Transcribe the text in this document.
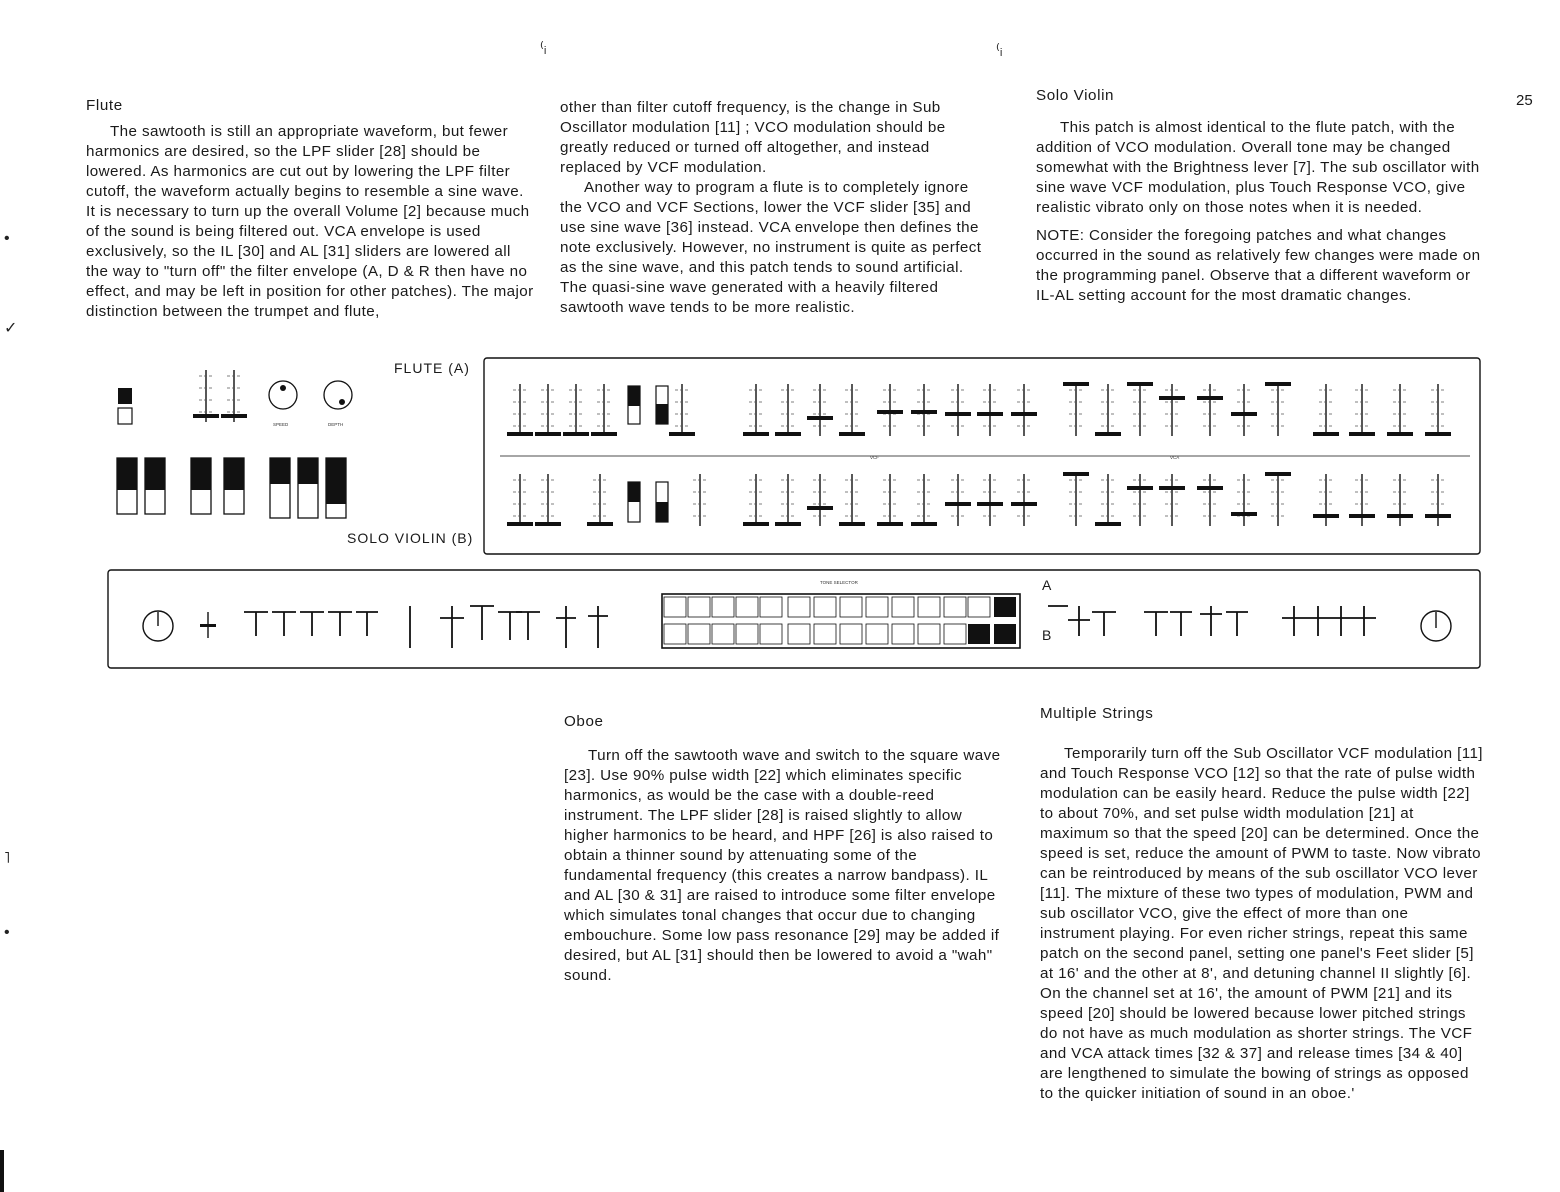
⁽ᵢ	⁽ᵢ
•
✓
˥
•
25
Flute

The sawtooth is still an appropriate waveform, but fewer harmonics are desired, so the LPF slider [28] should be lowered. As harmonics are cut out by lowering the LPF filter cutoff, the waveform actually begins to resemble a sine wave. It is necessary to turn up the overall Volume [2] because much of the sound is being filtered out. VCA envelope is used exclusively, so the IL [30] and AL [31] sliders are lowered all the way to "turn off" the filter envelope (A, D & R then have no effect, and may be left in position for other patches). The major distinction between the trumpet and flute,

other than filter cutoff frequency, is the change in Sub Oscillator modulation [11] ; VCO modulation should be greatly reduced or turned off altogether, and instead replaced by VCF modulation.

Another way to program a flute is to completely ignore the VCO and VCF Sections, lower the VCF slider [35] and use sine wave [36] instead. VCA envelope then defines the note exclusively. However, no instrument is quite as perfect as the sine wave, and this patch tends to sound artificial. The quasi-sine wave generated with a heavily filtered sawtooth wave tends to be more realistic.

Solo Violin

This patch is almost identical to the flute patch, with the addition of VCO modulation. Overall tone may be changed somewhat with the Brightness lever [7]. The sub oscillator with sine wave VCF modulation, plus Touch Response VCO, give realistic vibrato only on those notes when it is needed.

NOTE: Consider the foregoing patches and what changes occurred in the sound as relatively few changes were made on the programming panel. Observe that a different waveform or IL-AL setting account for the most dramatic changes.

SPEED	DEPTH
FLUTE (A)
SOLO VIOLIN (B)
VCF	VCA
TONE SELECTOR	A
B
Oboe

Turn off the sawtooth wave and switch to the square wave [23]. Use 90% pulse width [22] which eliminates specific harmonics, as would be the case with a double-reed instrument. The LPF slider [28] is raised slightly to allow higher harmonics to be heard, and HPF [26] is also raised to obtain a thinner sound by attenuating some of the fundamental frequency (this creates a narrow bandpass). IL and AL [30 & 31] are raised to introduce some filter envelope which simulates tonal changes that occur due to changing embouchure. Some low pass resonance [29] may be added if desired, but AL [31] should then be lowered to avoid a "wah" sound.

Multiple Strings

Temporarily turn off the Sub Oscillator VCF modulation [11] and Touch Response VCO [12] so that the rate of pulse width modulation can be easily heard. Reduce the pulse width [22] to about 70%, and set pulse width modulation [21] at maximum so that the speed [20] can be determined. Once the speed is set, reduce the amount of PWM to taste. Now vibrato can be reintroduced by means of the sub oscillator VCO lever [11]. The mixture of these two types of modulation, PWM and sub oscillator VCO, give the effect of more than one instrument playing. For even richer strings, repeat this same patch on the second panel, setting one panel's Feet slider [5] at 16' and the other at 8', and detuning channel II slightly [6]. On the channel set at 16', the amount of PWM [21] and its speed [20] should be lowered because lower pitched strings do not have as much modulation as shorter strings. The VCF and VCA attack times [32 & 37] and release times [34 & 40] are lengthened to simulate the bowing of strings as opposed to the quicker initiation of sound in an oboe.'
